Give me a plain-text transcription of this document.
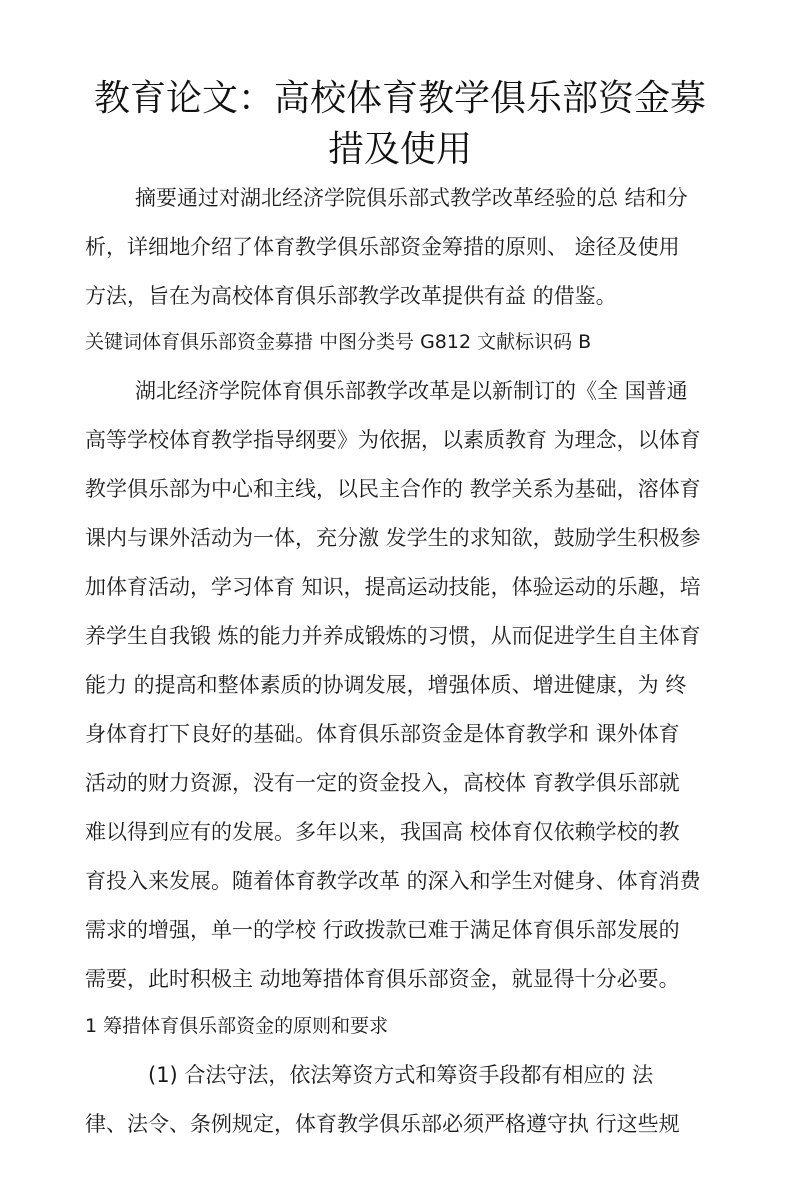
教育论文：高校体育教学俱乐部资金募
措及使用

摘要通过对湖北经济学院俱乐部式教学改革经验的总 结和分

析，详细地介绍了体育教学俱乐部资金筹措的原则、 途径及使用

方法，旨在为高校体育俱乐部教学改革提供有益 的借鉴。

关键词体育俱乐部资金募措 中图分类号 G812 文献标识码 B

湖北经济学院体育俱乐部教学改革是以新制订的《全 国普通

高等学校体育教学指导纲要》为依据，以素质教育 为理念，以体育

教学俱乐部为中心和主线，以民主合作的 教学关系为基础，溶体育

课内与课外活动为一体，充分激 发学生的求知欲，鼓励学生积极参

加体育活动，学习体育 知识，提高运动技能，体验运动的乐趣，培

养学生自我锻 炼的能力并养成锻炼的习惯，从而促进学生自主体育

能力 的提高和整体素质的协调发展，增强体质、增进健康，为 终

身体育打下良好的基础。体育俱乐部资金是体育教学和 课外体育

活动的财力资源，没有一定的资金投入，高校体 育教学俱乐部就

难以得到应有的发展。多年以来，我国高 校体育仅依赖学校的教

育投入来发展。随着体育教学改革 的深入和学生对健身、体育消费

需求的增强，单一的学校 行政拨款已难于满足体育俱乐部发展的

需要，此时积极主 动地筹措体育俱乐部资金，就显得十分必要。

1 筹措体育俱乐部资金的原则和要求

(1) 合法守法，依法筹资方式和筹资手段都有相应的 法

律、法令、条例规定，体育教学俱乐部必须严格遵守执 行这些规
